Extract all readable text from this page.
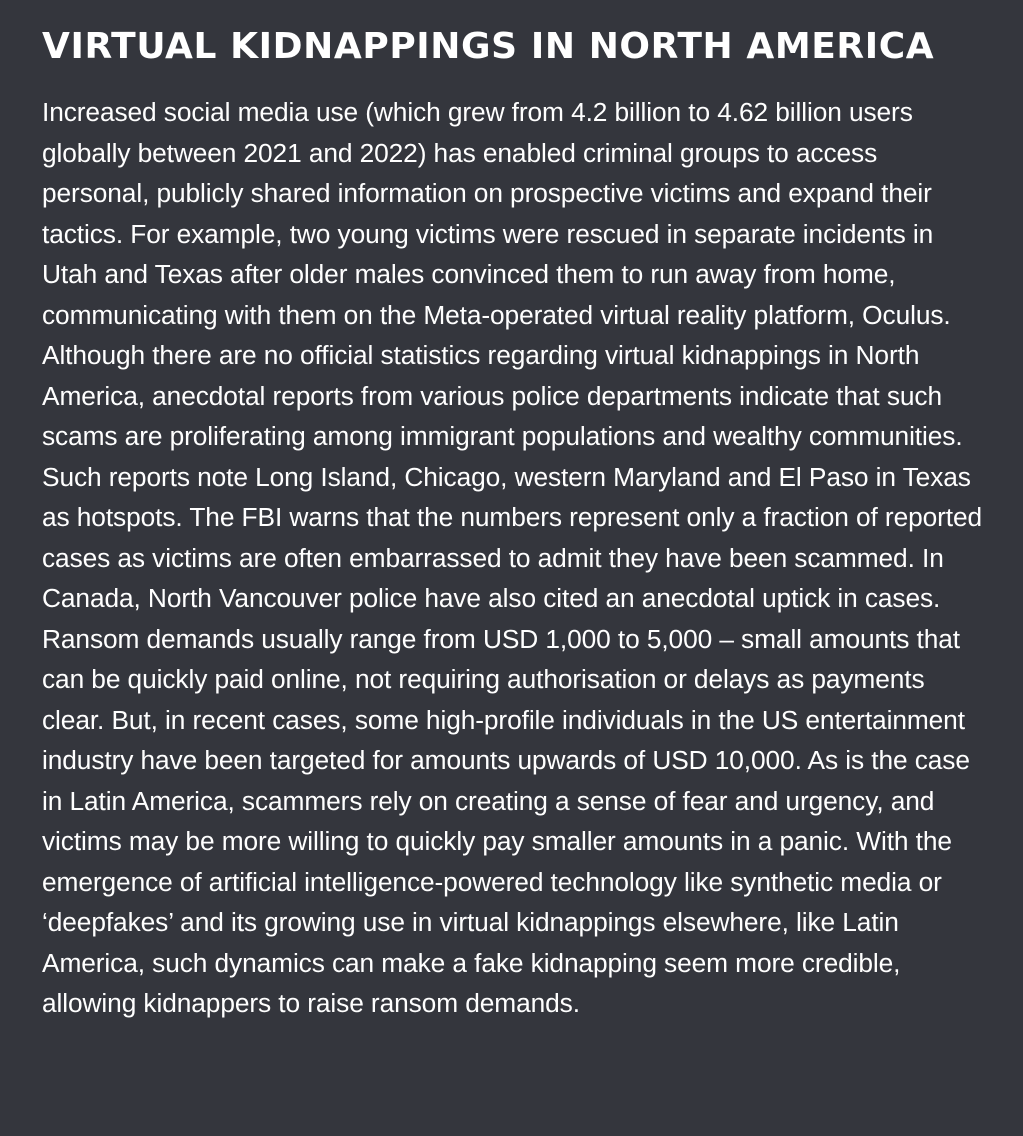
VIRTUAL KIDNAPPINGS IN NORTH AMERICA

Increased social media use (which grew from 4.2 billion to 4.62 billion users globally between 2021 and 2022) has enabled criminal groups to access personal, publicly shared information on prospective victims and expand their tactics. For example, two young victims were rescued in separate incidents in Utah and Texas after older males convinced them to run away from home, communicating with them on the Meta-operated virtual reality platform, Oculus. Although there are no official statistics regarding virtual kidnappings in North America, anecdotal reports from various police departments indicate that such scams are proliferating among immigrant populations and wealthy communities. Such reports note Long Island, Chicago, western Maryland and El Paso in Texas as hotspots. The FBI warns that the numbers represent only a fraction of reported cases as victims are often embarrassed to admit they have been scammed. In Canada, North Vancouver police have also cited an anecdotal uptick in cases. Ransom demands usually range from USD 1,000 to 5,000 – small amounts that can be quickly paid online, not requiring authorisation or delays as payments clear. But, in recent cases, some high-profile individuals in the US entertainment industry have been targeted for amounts upwards of USD 10,000. As is the case in Latin America, scammers rely on creating a sense of fear and urgency, and victims may be more willing to quickly pay smaller amounts in a panic. With the emergence of artificial intelligence-powered technology like synthetic media or ‘deepfakes’ and its growing use in virtual kidnappings elsewhere, like Latin America, such dynamics can make a fake kidnapping seem more credible, allowing kidnappers to raise ransom demands.
